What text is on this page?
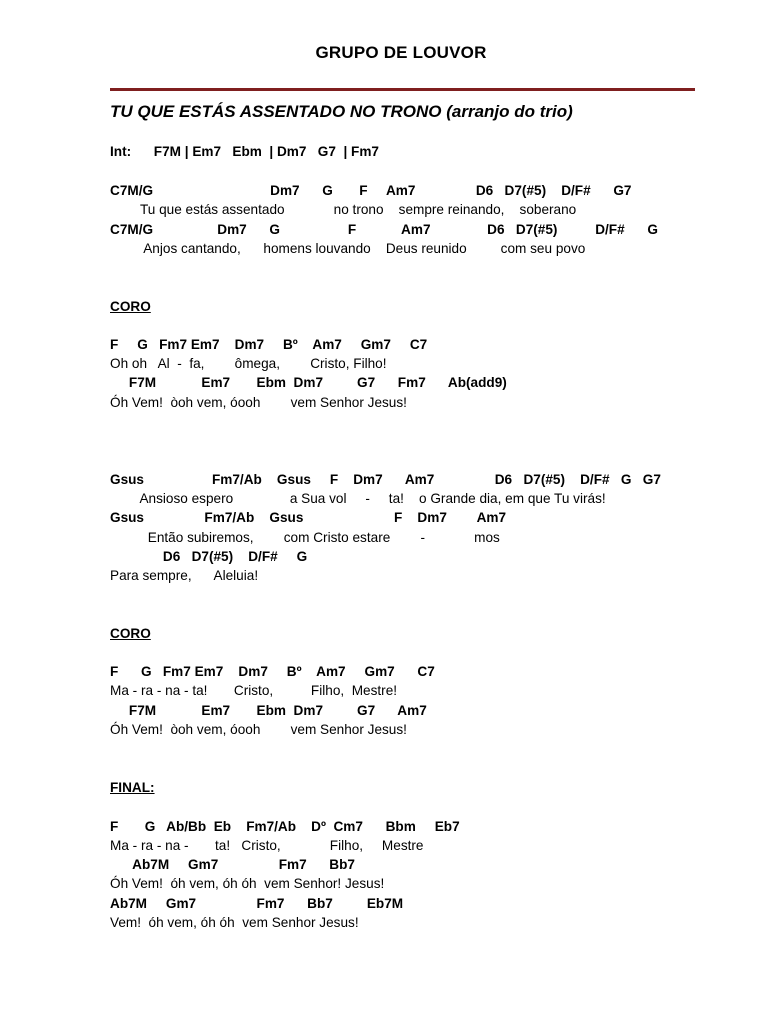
GRUPO DE LOUVOR
TU QUE ESTÁS ASSENTADO NO TRONO (arranjo do trio)
Int:      F7M | Em7   Ebm  | Dm7   G7  | Fm7
C7M/G                               Dm7      G       F     Am7                D6   D7(#5)    D/F#      G7
Tu que estás assentado             no trono    sempre reinando,    soberano
C7M/G                 Dm7      G                  F            Am7               D6   D7(#5)          D/F#      G
Anjos cantando,      homens louvando    Deus reunido         com seu povo
CORO
F     G   Fm7 Em7    Dm7     Bº    Am7     Gm7     C7
Oh oh   Al  -  fa,        ômega,        Cristo, Filho!
F7M            Em7       Ebm  Dm7         G7      Fm7      Ab(add9)
Óh Vem!  òoh vem, óooh        vem Senhor Jesus!
Gsus                  Fm7/Ab    Gsus     F    Dm7      Am7                D6   D7(#5)    D/F#   G   G7
Ansioso espero               a Sua vol     -     ta!    o Grande dia, em que Tu virás!
Gsus                Fm7/Ab    Gsus                        F    Dm7        Am7
Então subiremos,        com Cristo estare        -             mos
D6   D7(#5)    D/F#     G
Para sempre,      Aleluia!
CORO
F      G   Fm7 Em7    Dm7     Bº    Am7     Gm7      C7
Ma - ra - na - ta!       Cristo,          Filho,  Mestre!
F7M            Em7       Ebm  Dm7         G7      Am7
Óh Vem!  òoh vem, óooh        vem Senhor Jesus!
FINAL:
F       G   Ab/Bb  Eb    Fm7/Ab    Dº  Cm7      Bbm     Eb7
Ma - ra - na -       ta!   Cristo,             Filho,     Mestre
Ab7M     Gm7                Fm7      Bb7
Óh Vem!  óh vem, óh óh  vem Senhor! Jesus!
Ab7M     Gm7                Fm7      Bb7         Eb7M
Vem!  óh vem, óh óh  vem Senhor Jesus!
